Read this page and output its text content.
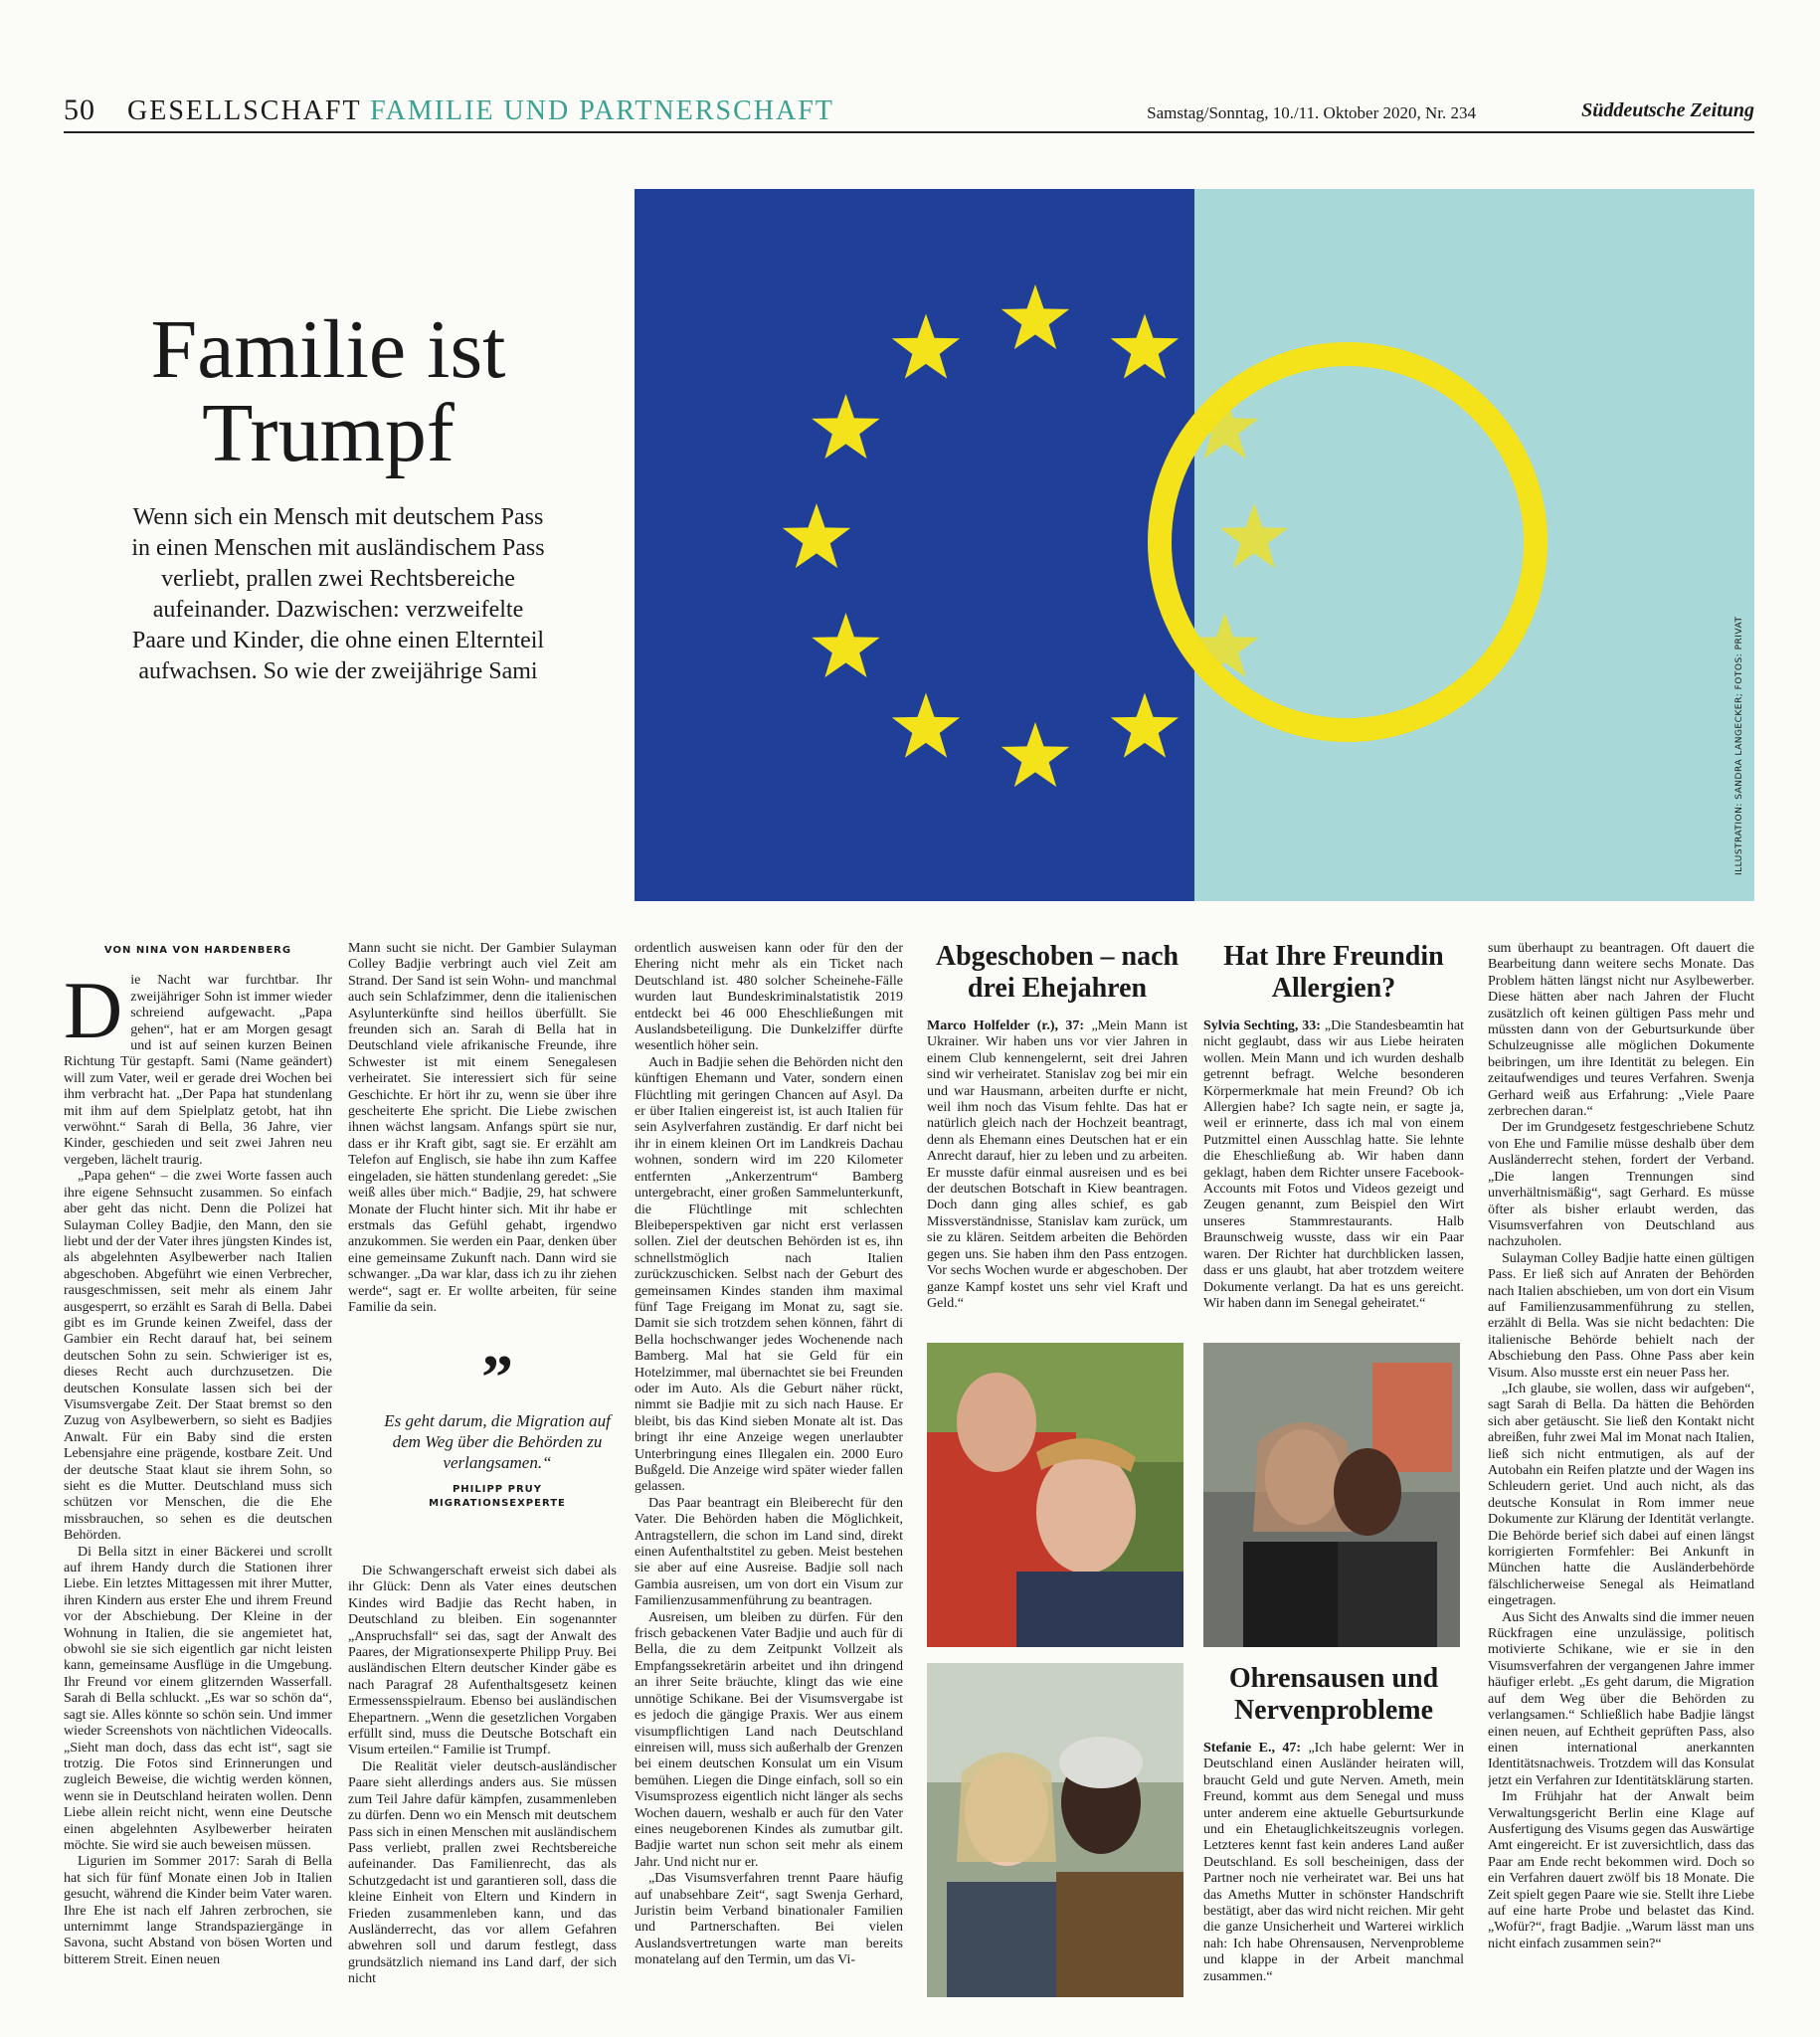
50 GESELLSCHAFT FAMILIE UND PARTNERSCHAFT	Samstag/Sonntag, 10./11. Oktober 2020, Nr. 234	Süddeutsche Zeitung
Familie ist Trumpf
Wenn sich ein Mensch mit deutschem Pass in einen Menschen mit ausländischem Pass verliebt, prallen zwei Rechtsbereiche aufeinander. Dazwischen: verzweifelte Paare und Kinder, die ohne einen Elternteil aufwachsen. So wie der zweijährige Sami	ILLUSTRATION: SANDRA LANGECKER; FOTOS: PRIVAT
VON NINA VON HARDENBERG
D ie Nacht war furchtbar. Ihr zweijähriger Sohn ist immer wieder schreiend aufgewacht. „Papa gehen“, hat er am Morgen gesagt und ist auf seinen kurzen Beinen Richtung Tür gestapft. Sami (Name geändert) will zum Vater, weil er gerade drei Wochen bei ihm verbracht hat. „Der Papa hat stundenlang mit ihm auf dem Spielplatz getobt, hat ihn verwöhnt.“ Sarah di Bella, 36 Jahre, vier Kinder, geschieden und seit zwei Jahren neu vergeben, lächelt traurig.

„Papa gehen“ – die zwei Worte fassen auch ihre eigene Sehnsucht zusammen. So einfach aber geht das nicht. Denn die Polizei hat Sulayman Colley Badjie, den Mann, den sie liebt und der der Vater ihres jüngsten Kindes ist, als abgelehnten Asylbewerber nach Italien abgeschoben. Abgeführt wie einen Verbrecher, rausgeschmissen, seit mehr als einem Jahr ausgesperrt, so erzählt es Sarah di Bella. Dabei gibt es im Grunde keinen Zweifel, dass der Gambier ein Recht darauf hat, bei seinem deutschen Sohn zu sein. Schwieriger ist es, dieses Recht auch durchzusetzen. Die deutschen Konsulate lassen sich bei der Visumsvergabe Zeit. Der Staat bremst so den Zuzug von Asylbewerbern, so sieht es Badjies Anwalt. Für ein Baby sind die ersten Lebensjahre eine prägende, kostbare Zeit. Und der deutsche Staat klaut sie ihrem Sohn, so sieht es die Mutter. Deutschland muss sich schützen vor Menschen, die die Ehe missbrauchen, so sehen es die deutschen Behörden.

Di Bella sitzt in einer Bäckerei und scrollt auf ihrem Handy durch die Stationen ihrer Liebe. Ein letztes Mittagessen mit ihrer Mutter, ihren Kindern aus erster Ehe und ihrem Freund vor der Abschiebung. Der Kleine in der Wohnung in Italien, die sie angemietet hat, obwohl sie sie sich eigentlich gar nicht leisten kann, gemeinsame Ausflüge in die Umgebung. Ihr Freund vor einem glitzernden Wasserfall. Sarah di Bella schluckt. „Es war so schön da“, sagt sie. Alles könnte so schön sein. Und immer wieder Screenshots von nächtlichen Videocalls. „Sieht man doch, dass das echt ist“, sagt sie trotzig. Die Fotos sind Erinnerungen und zugleich Beweise, die wichtig werden können, wenn sie in Deutschland heiraten wollen. Denn Liebe allein reicht nicht, wenn eine Deutsche einen abgelehnten Asylbewerber heiraten möchte. Sie wird sie auch beweisen müssen.

Ligurien im Sommer 2017: Sarah di Bella hat sich für fünf Monate einen Job in Italien gesucht, während die Kinder beim Vater waren. Ihre Ehe ist nach elf Jahren zerbrochen, sie unternimmt lange Strandspaziergänge in Savona, sucht Abstand von bösen Worten und bitterem Streit. Einen neuen

Mann sucht sie nicht. Der Gambier Sulayman Colley Badjie verbringt auch viel Zeit am Strand. Der Sand ist sein Wohn- und manchmal auch sein Schlafzimmer, denn die italienischen Asylunterkünfte sind heillos überfüllt. Sie freunden sich an. Sarah di Bella hat in Deutschland viele afrikanische Freunde, ihre Schwester ist mit einem Senegalesen verheiratet. Sie interessiert sich für seine Geschichte. Er hört ihr zu, wenn sie über ihre gescheiterte Ehe spricht. Die Liebe zwischen ihnen wächst langsam. Anfangs spürt sie nur, dass er ihr Kraft gibt, sagt sie. Er erzählt am Telefon auf Englisch, sie habe ihn zum Kaffee eingeladen, sie hätten stundenlang geredet: „Sie weiß alles über mich.“ Badjie, 29, hat schwere Monate der Flucht hinter sich. Mit ihr habe er erstmals das Gefühl gehabt, irgendwo anzukommen. Sie werden ein Paar, denken über eine gemeinsame Zukunft nach. Dann wird sie schwanger. „Da war klar, dass ich zu ihr ziehen werde“, sagt er. Er wollte arbeiten, für seine Familie da sein.

”
Es geht darum, die Migration auf dem Weg über die Behörden zu verlangsamen.“
PHILIPP PRUY
MIGRATIONSEXPERTE

Die Schwangerschaft erweist sich dabei als ihr Glück: Denn als Vater eines deutschen Kindes wird Badjie das Recht haben, in Deutschland zu bleiben. Ein sogenannter „Anspruchsfall“ sei das, sagt der Anwalt des Paares, der Migrationsexperte Philipp Pruy. Bei ausländischen Eltern deutscher Kinder gäbe es nach Paragraf 28 Aufenthaltsgesetz keinen Ermessensspielraum. Ebenso bei ausländischen Ehepartnern. „Wenn die gesetzlichen Vorgaben erfüllt sind, muss die Deutsche Botschaft ein Visum erteilen.“ Familie ist Trumpf.

Die Realität vieler deutsch-ausländischer Paare sieht allerdings anders aus. Sie müssen zum Teil Jahre dafür kämpfen, zusammenleben zu dürfen. Denn wo ein Mensch mit deutschem Pass sich in einen Menschen mit ausländischem Pass verliebt, prallen zwei Rechtsbereiche aufeinander. Das Familienrecht, das als Schutzgedacht ist und garantieren soll, dass die kleine Einheit von Eltern und Kindern in Frieden zusammenleben kann, und das Ausländerrecht, das vor allem Gefahren abwehren soll und darum festlegt, dass grundsätzlich niemand ins Land darf, der sich nicht

ordentlich ausweisen kann oder für den der Ehering nicht mehr als ein Ticket nach Deutschland ist. 480 solcher Scheinehe-Fälle wurden laut Bundeskriminalstatistik 2019 entdeckt bei 46 000 Eheschließungen mit Auslandsbeteiligung. Die Dunkelziffer dürfte wesentlich höher sein.

Auch in Badjie sehen die Behörden nicht den künftigen Ehemann und Vater, sondern einen Flüchtling mit geringen Chancen auf Asyl. Da er über Italien eingereist ist, ist auch Italien für sein Asylverfahren zuständig. Er darf nicht bei ihr in einem kleinen Ort im Landkreis Dachau wohnen, sondern wird im 220 Kilometer entfernten „Ankerzentrum“ Bamberg untergebracht, einer großen Sammelunterkunft, die Flüchtlinge mit schlechten Bleibeperspektiven gar nicht erst verlassen sollen. Ziel der deutschen Behörden ist es, ihn schnellstmöglich nach Italien zurückzuschicken. Selbst nach der Geburt des gemeinsamen Kindes standen ihm maximal fünf Tage Freigang im Monat zu, sagt sie. Damit sie sich trotzdem sehen können, fährt di Bella hochschwanger jedes Wochenende nach Bamberg. Mal hat sie Geld für ein Hotelzimmer, mal übernachtet sie bei Freunden oder im Auto. Als die Geburt näher rückt, nimmt sie Badjie mit zu sich nach Hause. Er bleibt, bis das Kind sieben Monate alt ist. Das bringt ihr eine Anzeige wegen unerlaubter Unterbringung eines Illegalen ein. 2000 Euro Bußgeld. Die Anzeige wird später wieder fallen gelassen.

Das Paar beantragt ein Bleiberecht für den Vater. Die Behörden haben die Möglichkeit, Antragstellern, die schon im Land sind, direkt einen Aufenthaltstitel zu geben. Meist bestehen sie aber auf eine Ausreise. Badjie soll nach Gambia ausreisen, um von dort ein Visum zur Familienzusammenführung zu beantragen.

Ausreisen, um bleiben zu dürfen. Für den frisch gebackenen Vater Badjie und auch für di Bella, die zu dem Zeitpunkt Vollzeit als Empfangssekretärin arbeitet und ihn dringend an ihrer Seite bräuchte, klingt das wie eine unnötige Schikane. Bei der Visumsvergabe ist es jedoch die gängige Praxis. Wer aus einem visumpflichtigen Land nach Deutschland einreisen will, muss sich außerhalb der Grenzen bei einem deutschen Konsulat um ein Visum bemühen. Liegen die Dinge einfach, soll so ein Visumsprozess eigentlich nicht länger als sechs Wochen dauern, weshalb er auch für den Vater eines neugeborenen Kindes als zumutbar gilt. Badjie wartet nun schon seit mehr als einem Jahr. Und nicht nur er.

„Das Visumsverfahren trennt Paare häufig auf unabsehbare Zeit“, sagt Swenja Gerhard, Juristin beim Verband binationaler Familien und Partnerschaften. Bei vielen Auslandsvertretungen warte man bereits monatelang auf den Termin, um das Vi-

Abgeschoben – nach drei Ehejahren
Marco Holfelder (r.), 37: „Mein Mann ist Ukrainer. Wir haben uns vor vier Jahren in einem Club kennengelernt, seit drei Jahren sind wir verheiratet. Stanislav zog bei mir ein und war Hausmann, arbeiten durfte er nicht, weil ihm noch das Visum fehlte. Das hat er natürlich gleich nach der Hochzeit beantragt, denn als Ehemann eines Deutschen hat er ein Anrecht darauf, hier zu leben und zu arbeiten. Er musste dafür einmal ausreisen und es bei der deutschen Botschaft in Kiew beantragen. Doch dann ging alles schief, es gab Missverständnisse, Stanislav kam zurück, um sie zu klären. Seitdem arbeiten die Behörden gegen uns. Sie haben ihm den Pass entzogen. Vor sechs Wochen wurde er abgeschoben. Der ganze Kampf kostet uns sehr viel Kraft und Geld.“
Hat Ihre Freundin Allergien?
Sylvia Sechting, 33: „Die Standesbeamtin hat nicht geglaubt, dass wir aus Liebe heiraten wollen. Mein Mann und ich wurden deshalb getrennt befragt. Welche besonderen Körpermerkmale hat mein Freund? Ob ich Allergien habe? Ich sagte nein, er sagte ja, weil er erinnerte, dass ich mal von einem Putzmittel einen Ausschlag hatte. Sie lehnte die Eheschließung ab. Wir haben dann geklagt, haben dem Richter unsere Facebook-Accounts mit Fotos und Videos gezeigt und Zeugen genannt, zum Beispiel den Wirt unseres Stammrestaurants. Halb Braunschweig wusste, dass wir ein Paar waren. Der Richter hat durchblicken lassen, dass er uns glaubt, hat aber trotzdem weitere Dokumente verlangt. Da hat es uns gereicht. Wir haben dann im Senegal geheiratet.“
Ohrensausen und Nervenprobleme
Stefanie E., 47: „Ich habe gelernt: Wer in Deutschland einen Ausländer heiraten will, braucht Geld und gute Nerven. Ameth, mein Freund, kommt aus dem Senegal und muss unter anderem eine aktuelle Geburtsurkunde und ein Ehetauglichkeitszeugnis vorlegen. Letzteres kennt fast kein anderes Land außer Deutschland. Es soll bescheinigen, dass der Partner noch nie verheiratet war. Bei uns hat das Ameths Mutter in schönster Handschrift bestätigt, aber das wird nicht reichen. Mir geht die ganze Unsicherheit und Warterei wirklich nah: Ich habe Ohrensausen, Nervenprobleme und klappe in der Arbeit manchmal zusammen.“

sum überhaupt zu beantragen. Oft dauert die Bearbeitung dann weitere sechs Monate. Das Problem hätten längst nicht nur Asylbewerber. Diese hätten aber nach Jahren der Flucht zusätzlich oft keinen gültigen Pass mehr und müssten dann von der Geburtsurkunde über Schulzeugnisse alle möglichen Dokumente beibringen, um ihre Identität zu belegen. Ein zeitaufwendiges und teures Verfahren. Swenja Gerhard weiß aus Erfahrung: „Viele Paare zerbrechen daran.“

Der im Grundgesetz festgeschriebene Schutz von Ehe und Familie müsse deshalb über dem Ausländerrecht stehen, fordert der Verband. „Die langen Trennungen sind unverhältnismäßig“, sagt Gerhard. Es müsse öfter als bisher erlaubt werden, das Visumsverfahren von Deutschland aus nachzuholen.

Sulayman Colley Badjie hatte einen gültigen Pass. Er ließ sich auf Anraten der Behörden nach Italien abschieben, um von dort ein Visum auf Familienzusammenführung zu stellen, erzählt di Bella. Was sie nicht bedachten: Die italienische Behörde behielt nach der Abschiebung den Pass. Ohne Pass aber kein Visum. Also musste erst ein neuer Pass her.

„Ich glaube, sie wollen, dass wir aufgeben“, sagt Sarah di Bella. Da hätten die Behörden sich aber getäuscht. Sie ließ den Kontakt nicht abreißen, fuhr zwei Mal im Monat nach Italien, ließ sich nicht entmutigen, als auf der Autobahn ein Reifen platzte und der Wagen ins Schleudern geriet. Und auch nicht, als das deutsche Konsulat in Rom immer neue Dokumente zur Klärung der Identität verlangte. Die Behörde berief sich dabei auf einen längst korrigierten Formfehler: Bei Ankunft in München hatte die Ausländerbehörde fälschlicherweise Senegal als Heimatland eingetragen.

Aus Sicht des Anwalts sind die immer neuen Rückfragen eine unzulässige, politisch motivierte Schikane, wie er sie in den Visumsverfahren der vergangenen Jahre immer häufiger erlebt. „Es geht darum, die Migration auf dem Weg über die Behörden zu verlangsamen.“ Schließlich habe Badjie längst einen neuen, auf Echtheit geprüften Pass, also einen international anerkannten Identitätsnachweis. Trotzdem will das Konsulat jetzt ein Verfahren zur Identitätsklärung starten.

Im Frühjahr hat der Anwalt beim Verwaltungsgericht Berlin eine Klage auf Ausfertigung des Visums gegen das Auswärtige Amt eingereicht. Er ist zuversichtlich, dass das Paar am Ende recht bekommen wird. Doch so ein Verfahren dauert zwölf bis 18 Monate. Die Zeit spielt gegen Paare wie sie. Stellt ihre Liebe auf eine harte Probe und belastet das Kind. „Wofür?“, fragt Badjie. „Warum lässt man uns nicht einfach zusammen sein?“
